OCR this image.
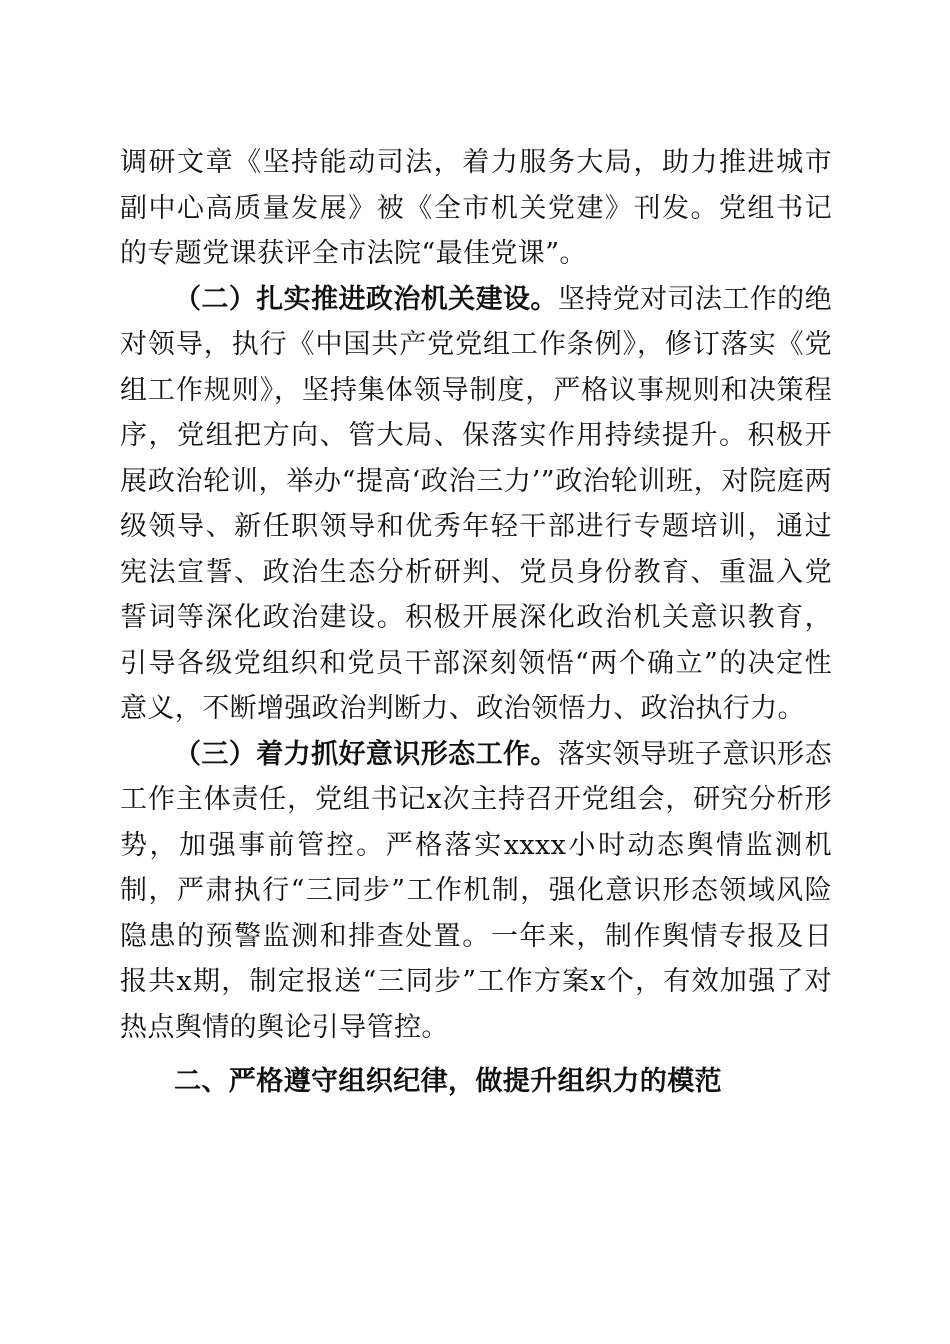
调研文章《坚持能动司法，着力服务大局，助力推进城市副中心高质量发展》被《全市机关党建》刊发。党组书记的专题党课获评全市法院“最佳党课”。

（二）扎实推进政治机关建设。坚持党对司法工作的绝对领导，执行《中国共产党党组工作条例》，修订落实《党组工作规则》，坚持集体领导制度，严格议事规则和决策程序，党组把方向、管大局、保落实作用持续提升。积极开展政治轮训，举办“提高‘政治三力’”政治轮训班，对院庭两级领导、新任职领导和优秀年轻干部进行专题培训，通过宪法宣誓、政治生态分析研判、党员身份教育、重温入党誓词等深化政治建设。积极开展深化政治机关意识教育，引导各级党组织和党员干部深刻领悟“两个确立”的决定性意义，不断增强政治判断力、政治领悟力、政治执行力。

（三）着力抓好意识形态工作。落实领导班子意识形态工作主体责任，党组书记x次主持召开党组会，研究分析形势，加强事前管控。严格落实xxxx小时动态舆情监测机制，严肃执行“三同步”工作机制，强化意识形态领域风险隐患的预警监测和排查处置。一年来，制作舆情专报及日报共x期，制定报送“三同步”工作方案x个，有效加强了对热点舆情的舆论引导管控。

二、严格遵守组织纪律，做提升组织力的模范
